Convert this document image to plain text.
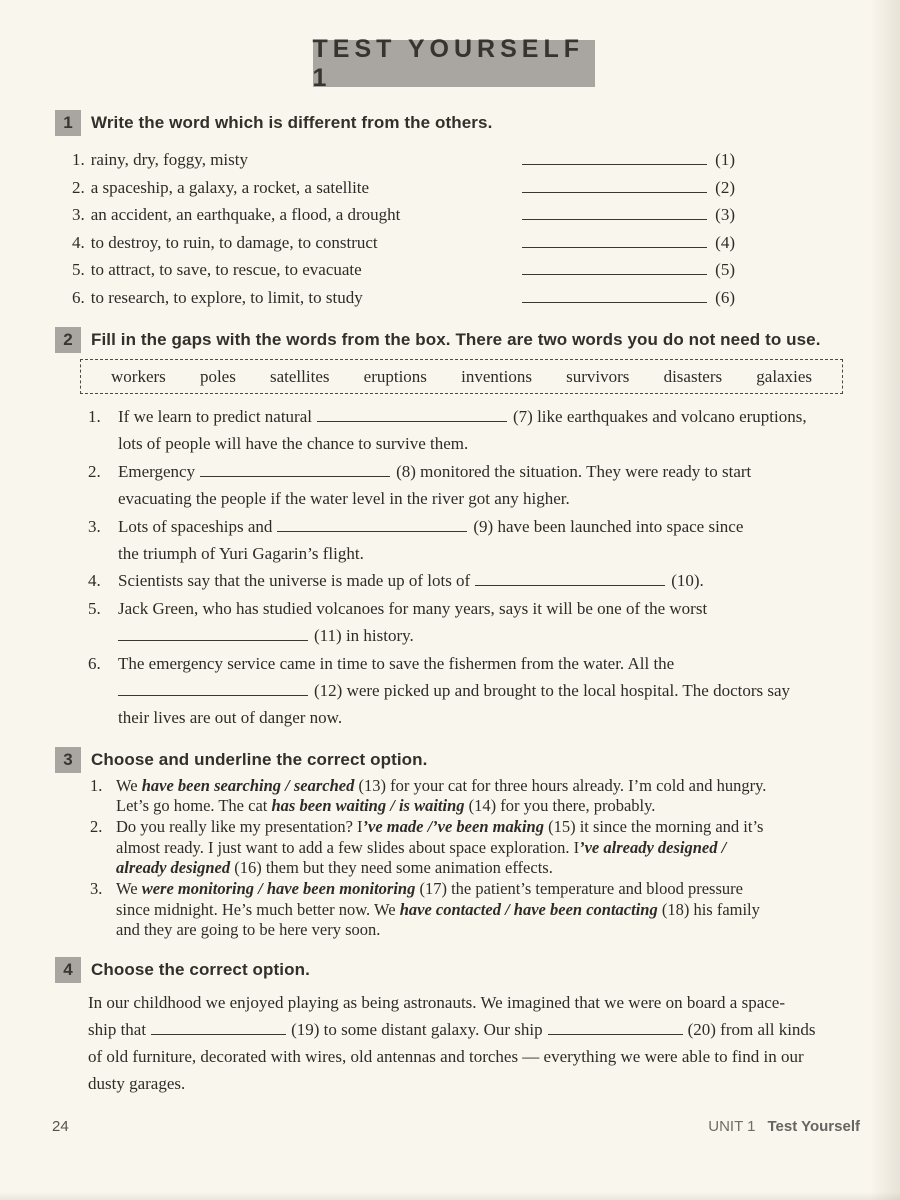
TEST YOURSELF 1
1	Write the word which is different from the others.
1. rainy, dry, foggy, misty	(1)
2. a spaceship, a galaxy, a rocket, a satellite	(2)
3. an accident, an earthquake, a flood, a drought	(3)
4. to destroy, to ruin, to damage, to construct	(4)
5. to attract, to save, to rescue, to evacuate	(5)
6. to research, to explore, to limit, to study	(6)
2	Fill in the gaps with the words from the box. There are two words you do not need to use.
workers poles satellites eruptions inventions survivors disasters galaxies
1.	If we learn to predict natural	(7) like earthquakes and volcano eruptions,
lots of people will have the chance to survive them.
2.	Emergency	(8) monitored the situation. They were ready to start
evacuating the people if the water level in the river got any higher.
3.	Lots of spaceships and	(9) have been launched into space since
the triumph of Yuri Gagarin’s flight.
4.	Scientists say that the universe is made up of lots of	(10).
5.	Jack Green, who has studied volcanoes for many years, says it will be one of the worst
(11) in history.
6.	The emergency service came in time to save the fishermen from the water. All the
(12) were picked up and brought to the local hospital. The doctors say
their lives are out of danger now.
3	Choose and underline the correct option.
1. We have been searching / searched (13) for your cat for three hours already. I’m cold and hungry.
Let’s go home. The cat has been waiting / is waiting (14) for you there, probably.
2. Do you really like my presentation? I’ve made /’ve been making (15) it since the morning and it’s
almost ready. I just want to add a few slides about space exploration. I’ve already designed /
already designed (16) them but they need some animation effects.
3. We were monitoring / have been monitoring (17) the patient’s temperature and blood pressure
since midnight. He’s much better now. We have contacted / have been contacting (18) his family
and they are going to be here very soon.
4	Choose the correct option.
In our childhood we enjoyed playing as being astronauts. We imagined that we were on board a space-
ship that	(19) to some distant galaxy. Our ship	(20) from all kinds
of old furniture, decorated with wires, old antennas and torches — everything we were able to find in our
dusty garages.
24	UNIT 1 Test Yourself
